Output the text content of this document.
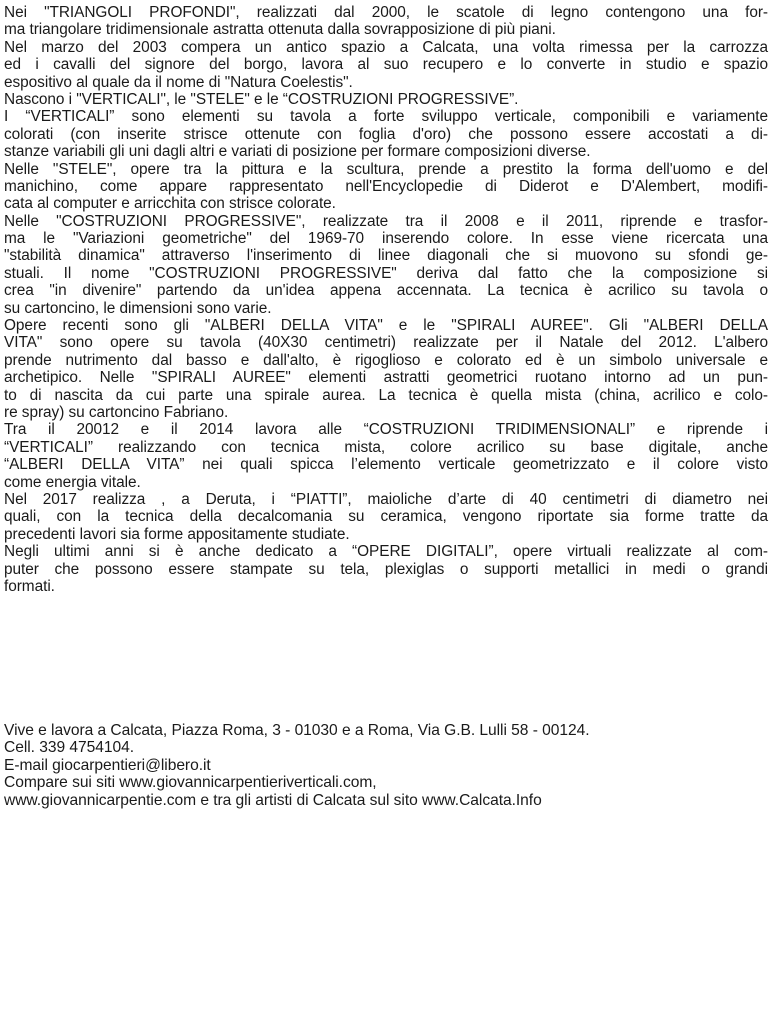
Nei "TRIANGOLI PROFONDI", realizzati dal 2000, le scatole di legno contengono una for-
ma triangolare tridimensionale astratta ottenuta dalla sovrapposizione di più piani.
Nel marzo del 2003 compera un antico spazio a Calcata, una volta rimessa per la carrozza
ed i cavalli del signore del borgo, lavora al suo recupero e lo converte in studio e spazio
espositivo al quale da il nome di "Natura Coelestis".
Nascono i "VERTICALI", le "STELE" e le “COSTRUZIONI PROGRESSIVE”.
I “VERTICALI” sono elementi su tavola a forte sviluppo verticale, componibili e variamente
colorati (con inserite strisce ottenute con foglia d'oro) che possono essere accostati a di-
stanze variabili gli uni dagli altri e variati di posizione per formare composizioni diverse.
Nelle "STELE", opere tra la pittura e la scultura, prende a prestito la forma dell'uomo e del
manichino, come appare rappresentato nell'Encyclopedie di Diderot e D'Alembert, modifi-
cata al computer e arricchita con strisce colorate.
Nelle "COSTRUZIONI PROGRESSIVE", realizzate tra il 2008 e il 2011, riprende e trasfor-
ma le "Variazioni geometriche" del 1969-70 inserendo colore. In esse viene ricercata una
"stabilità dinamica" attraverso l'inserimento di linee diagonali che si muovono su sfondi ge-
stuali. Il nome "COSTRUZIONI PROGRESSIVE" deriva dal fatto che la composizione si
crea "in divenire" partendo da un'idea appena accennata. La tecnica è acrilico su tavola o
su cartoncino, le dimensioni sono varie.
Opere recenti sono gli "ALBERI DELLA VITA" e le "SPIRALI AUREE". Gli "ALBERI DELLA
VITA" sono opere su tavola (40X30 centimetri) realizzate per il Natale del 2012. L'albero
prende nutrimento dal basso e dall'alto, è rigoglioso e colorato ed è un simbolo universale e
archetipico. Nelle "SPIRALI AUREE" elementi astratti geometrici ruotano intorno ad un pun-
to di nascita da cui parte una spirale aurea. La tecnica è quella mista (china, acrilico e colo-
re spray) su cartoncino Fabriano.
Tra il 20012 e il 2014 lavora alle “COSTRUZIONI TRIDIMENSIONALI” e riprende i
“VERTICALI” realizzando con tecnica mista, colore acrilico su base digitale, anche
“ALBERI DELLA VITA” nei quali spicca l’elemento verticale geometrizzato e il colore visto
come energia vitale.
Nel 2017 realizza , a Deruta, i “PIATTI”, maioliche d’arte di 40 centimetri di diametro nei
quali, con la tecnica della decalcomania su ceramica, vengono riportate sia forme tratte da
precedenti lavori sia forme appositamente studiate.
Negli ultimi anni si è anche dedicato a “OPERE DIGITALI”, opere virtuali realizzate al com-
puter che possono essere stampate su tela, plexiglas o supporti metallici in medi o grandi
formati.
Vive e lavora a Calcata, Piazza Roma, 3 - 01030 e a Roma, Via G.B. Lulli 58 - 00124.
Cell. 339 4754104.
E-mail giocarpentieri@libero.it
Compare sui siti www.giovannicarpentieriverticali.com,
www.giovannicarpentie.com e tra gli artisti di Calcata sul sito www.Calcata.Info
